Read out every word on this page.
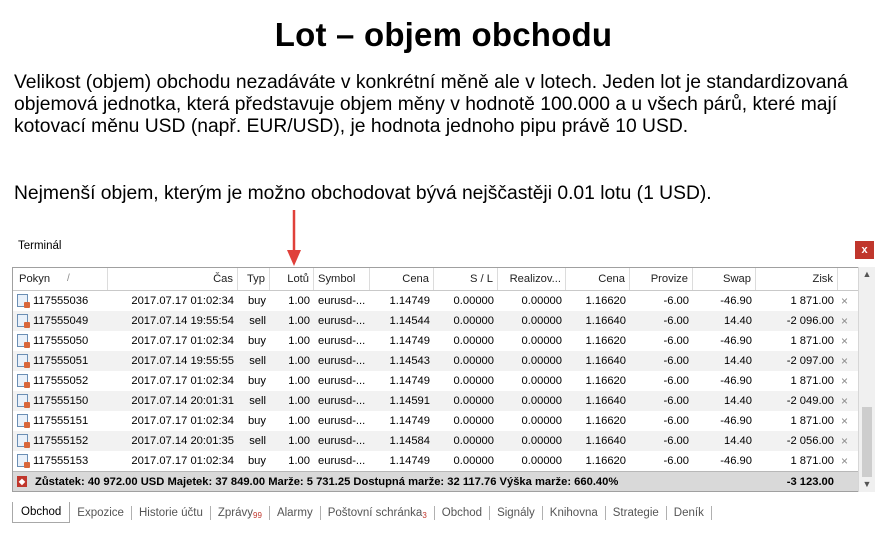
Lot – objem obchodu
Velikost (objem) obchodu nezadáváte v konkrétní měně ale v lotech. Jeden lot je standardizovaná objemová jednotka, která představuje objem měny v hodnotě 100.000 a u všech párů, které mají kotovací měnu USD (např. EUR/USD), je hodnota jednoho pipu právě 10 USD.
Nejmenší objem, kterým je možno obchodovat bývá nejščastěji 0.01 lotu (1 USD).
Terminál	x
Pokyn	Čas	Typ	Lotů Symbol	Cena	S / L	Realizov...	Cena	Provize	Swap	Zisk
/
117555036	2017.07.17 01:02:34	buy	1.00 eurusd-...	1.14749	0.00000	0.00000	1.16620	-6.00	-46.90	1 871.00 ×
117555049	2017.07.14 19:55:54	sell	1.00 eurusd-...	1.14544	0.00000	0.00000	1.16640	-6.00	14.40	-2 096.00 ×
117555050	2017.07.17 01:02:34	buy	1.00 eurusd-...	1.14749	0.00000	0.00000	1.16620	-6.00	-46.90	1 871.00 ×
117555051	2017.07.14 19:55:55	sell	1.00 eurusd-...	1.14543	0.00000	0.00000	1.16640	-6.00	14.40	-2 097.00 ×
117555052	2017.07.17 01:02:34	buy	1.00 eurusd-...	1.14749	0.00000	0.00000	1.16620	-6.00	-46.90	1 871.00 ×
117555150	2017.07.14 20:01:31	sell	1.00 eurusd-...	1.14591	0.00000	0.00000	1.16640	-6.00	14.40	-2 049.00 ×
117555151	2017.07.17 01:02:34	buy	1.00 eurusd-...	1.14749	0.00000	0.00000	1.16620	-6.00	-46.90	1 871.00 ×
117555152	2017.07.14 20:01:35	sell	1.00 eurusd-...	1.14584	0.00000	0.00000	1.16640	-6.00	14.40	-2 056.00 ×
117555153	2017.07.17 01:02:34	buy	1.00 eurusd-...	1.14749	0.00000	0.00000	1.16620	-6.00	-46.90	1 871.00 ×
◆ Zůstatek: 40 972.00 USD Majetek: 37 849.00 Marže: 5 731.25 Dostupná marže: 32 117.76 Výška marže: 660.40%	-3 123.00
▲
▼
Obchod Expozice Historie účtu Zprávy$_{99}$ Alarmy Poštovní schránka$_3$ Obchod Signály Knihovna Strategie Deník
